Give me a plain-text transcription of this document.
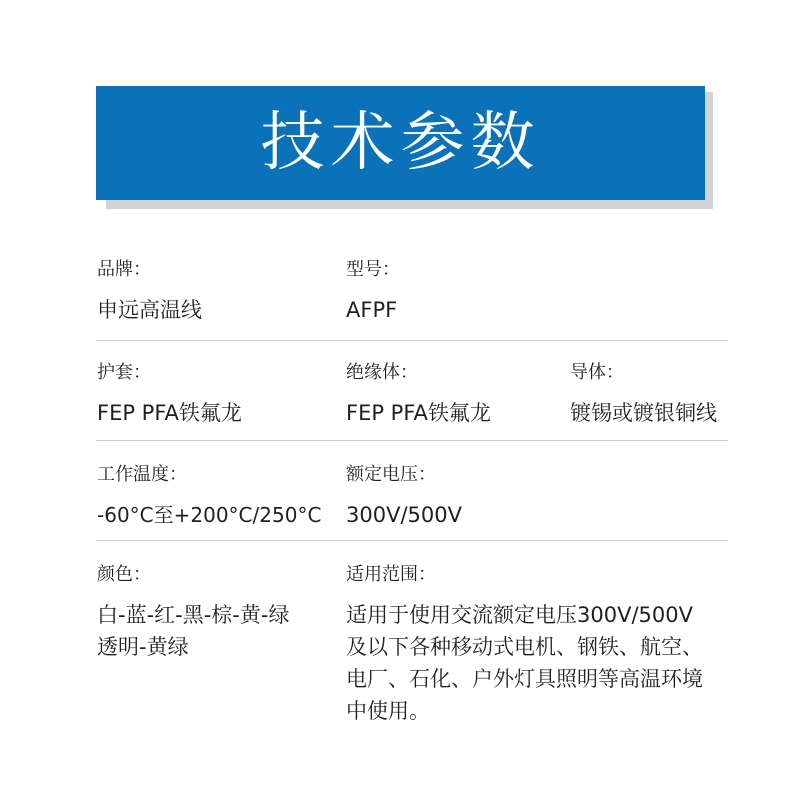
技术参数
品牌：
申远高温线
型号：
AFPF
护套：
FEP PFA铁氟龙
绝缘体：
FEP PFA铁氟龙
导体：
镀锡或镀银铜线
工作温度：
-60°C至+200°C/250°C
额定电压：
300V/500V
颜色：
白-蓝-红-黑-棕-黄-绿
透明-黄绿
适用范围：
适用于使用交流额定电压300V/500V
及以下各种移动式电机、钢铁、航空、
电厂、石化、户外灯具照明等高温环境
中使用。
